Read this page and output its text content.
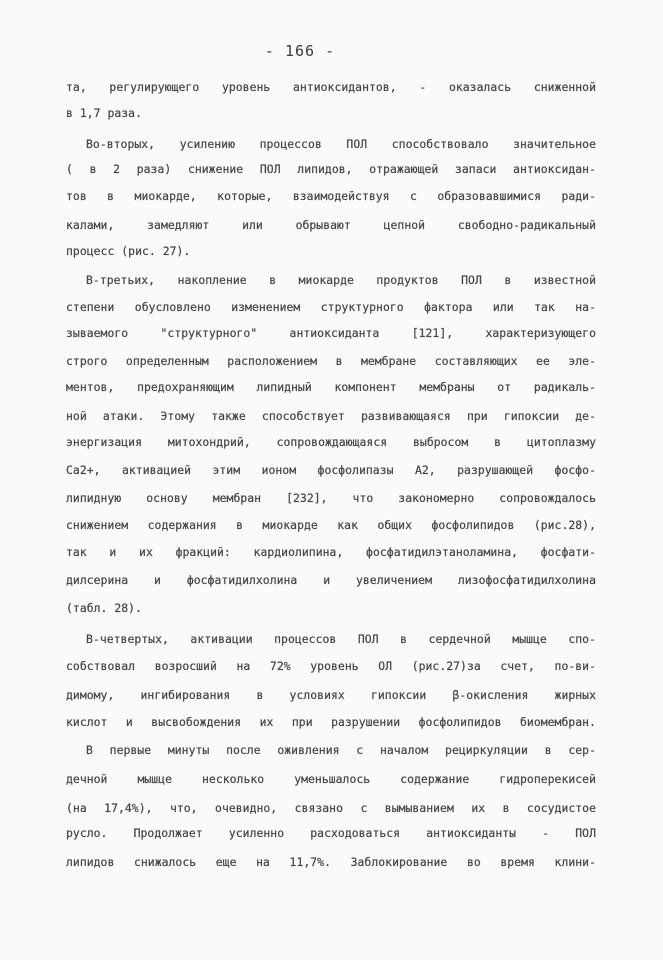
- 166 -
та, регулирующего уровень антиоксидантов, - оказалась сниженной
в 1,7 раза.
Во-вторых, усилению процессов ПОЛ способствовало значительное
( в 2 раза) снижение ПОЛ липидов, отражающей запаси антиоксидан-
тов в миокарде, которые, взаимодействуя с образовавшимися ради-
калами, замедляют или обрывают цепной свободно-радикальный
процесс (рис. 27).
В-третьих, накопление в миокарде продуктов ПОЛ в известной
степени обусловлено изменением структурного фактора или так на-
зываемого "структурного" антиоксиданта [121], характеризующего
строго определенным расположением в мембране составляющих ее эле-
ментов, предохраняющим липидный компонент мембраны от радикаль-
ной атаки. Этому также способствует развивающаяся при гипоксии де-
энергизация митохондрий, сопровождающаяся выбросом в цитоплазму
Ca2+, активацией этим ионом фосфолипазы A2, разрушающей фосфо-
липидную основу мембран [232], что закономерно сопровождалось
снижением содержания в миокарде как общих фосфолипидов (рис.28),
так и их фракций: кардиолипина, фосфатидилэтаноламина, фосфати-
дилсерина и фосфатидилхолина и увеличением лизофосфатидилхолина
(табл. 28).
В-четвертых, активации процессов ПОЛ в сердечной мышце спо-
собствовал возросший на 72% уровень ОЛ (рис.27)за счет, по-ви-
димому, ингибирования в условиях гипоксии β-окисления жирных
кислот и высвобождения их при разрушении фосфолипидов биомембран.
В первые минуты после оживления с началом рециркуляции в сер-
дечной мышце несколько уменьшалось содержание гидроперекисей
(на 17,4%), что, очевидно, связано с вымыванием их в сосудистое
русло. Продолжает усиленно расходоваться антиоксиданты - ПОЛ
липидов снижалось еще на 11,7%. Заблокирование во время клини-
